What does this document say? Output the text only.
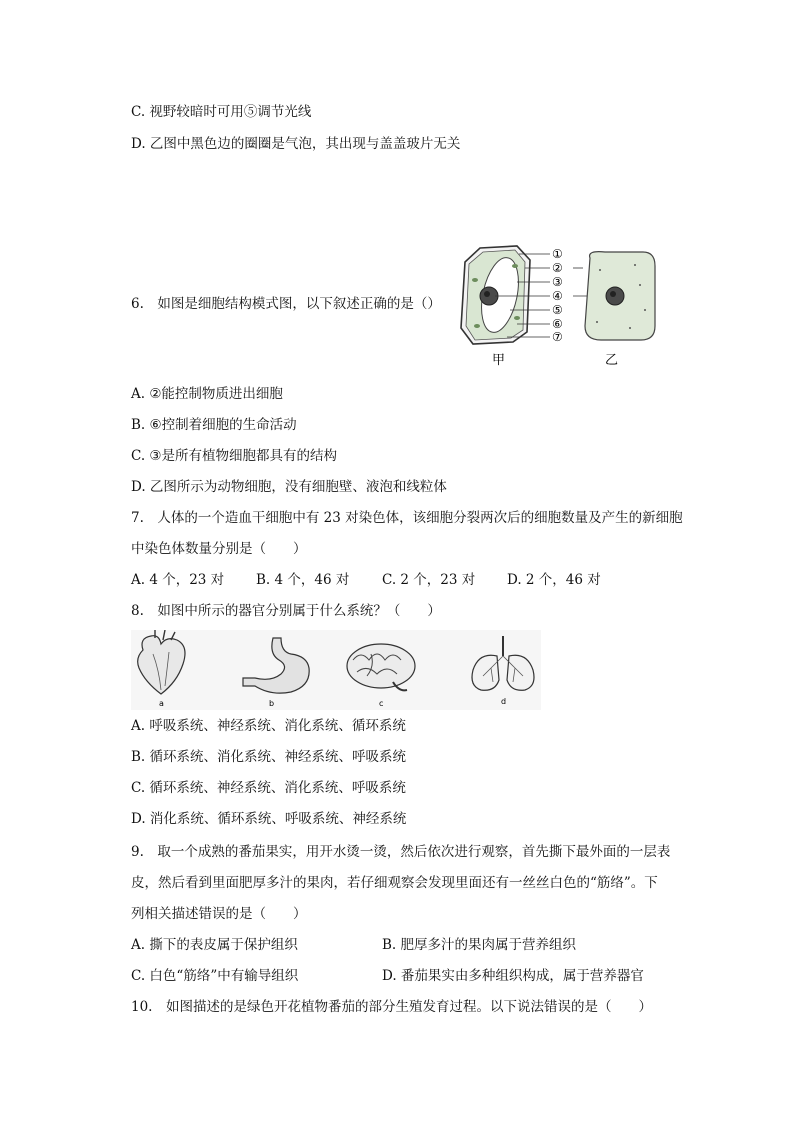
C. 视野较暗时可用⑤调节光线
D. 乙图中黑色边的圈圈是气泡，其出现与盖盖玻片无关
6.　如图是细胞结构模式图，以下叙述正确的是（）
①
②
③
④
⑤
⑥
⑦
甲	乙
A. ②能控制物质进出细胞
B. ⑥控制着细胞的生命活动
C. ③是所有植物细胞都具有的结构
D. 乙图所示为动物细胞，没有细胞壁、液泡和线粒体
7.　人体的一个造血干细胞中有 23 对染色体，该细胞分裂两次后的细胞数量及产生的新细胞
中染色体数量分别是（　　）
A. 4 个，23 对 B. 4 个，46 对 C. 2 个，23 对 D. 2 个，46 对
8.　如图中所示的器官分别属于什么系统？（　　）
a	b	c	d
A. 呼吸系统、神经系统、消化系统、循环系统
B. 循环系统、消化系统、神经系统、呼吸系统
C. 循环系统、神经系统、消化系统、呼吸系统
D. 消化系统、循环系统、呼吸系统、神经系统
9.　取一个成熟的番茄果实，用开水烫一烫，然后依次进行观察，首先撕下最外面的一层表
皮，然后看到里面肥厚多汁的果肉，若仔细观察会发现里面还有一丝丝白色的“筋络”。下
列相关描述错误的是（　　）
A. 撕下的表皮属于保护组织	B. 肥厚多汁的果肉属于营养组织
C. 白色“筋络”中有输导组织	D. 番茄果实由多种组织构成，属于营养器官
10.　如图描述的是绿色开花植物番茄的部分生殖发育过程。以下说法错误的是（　　）
